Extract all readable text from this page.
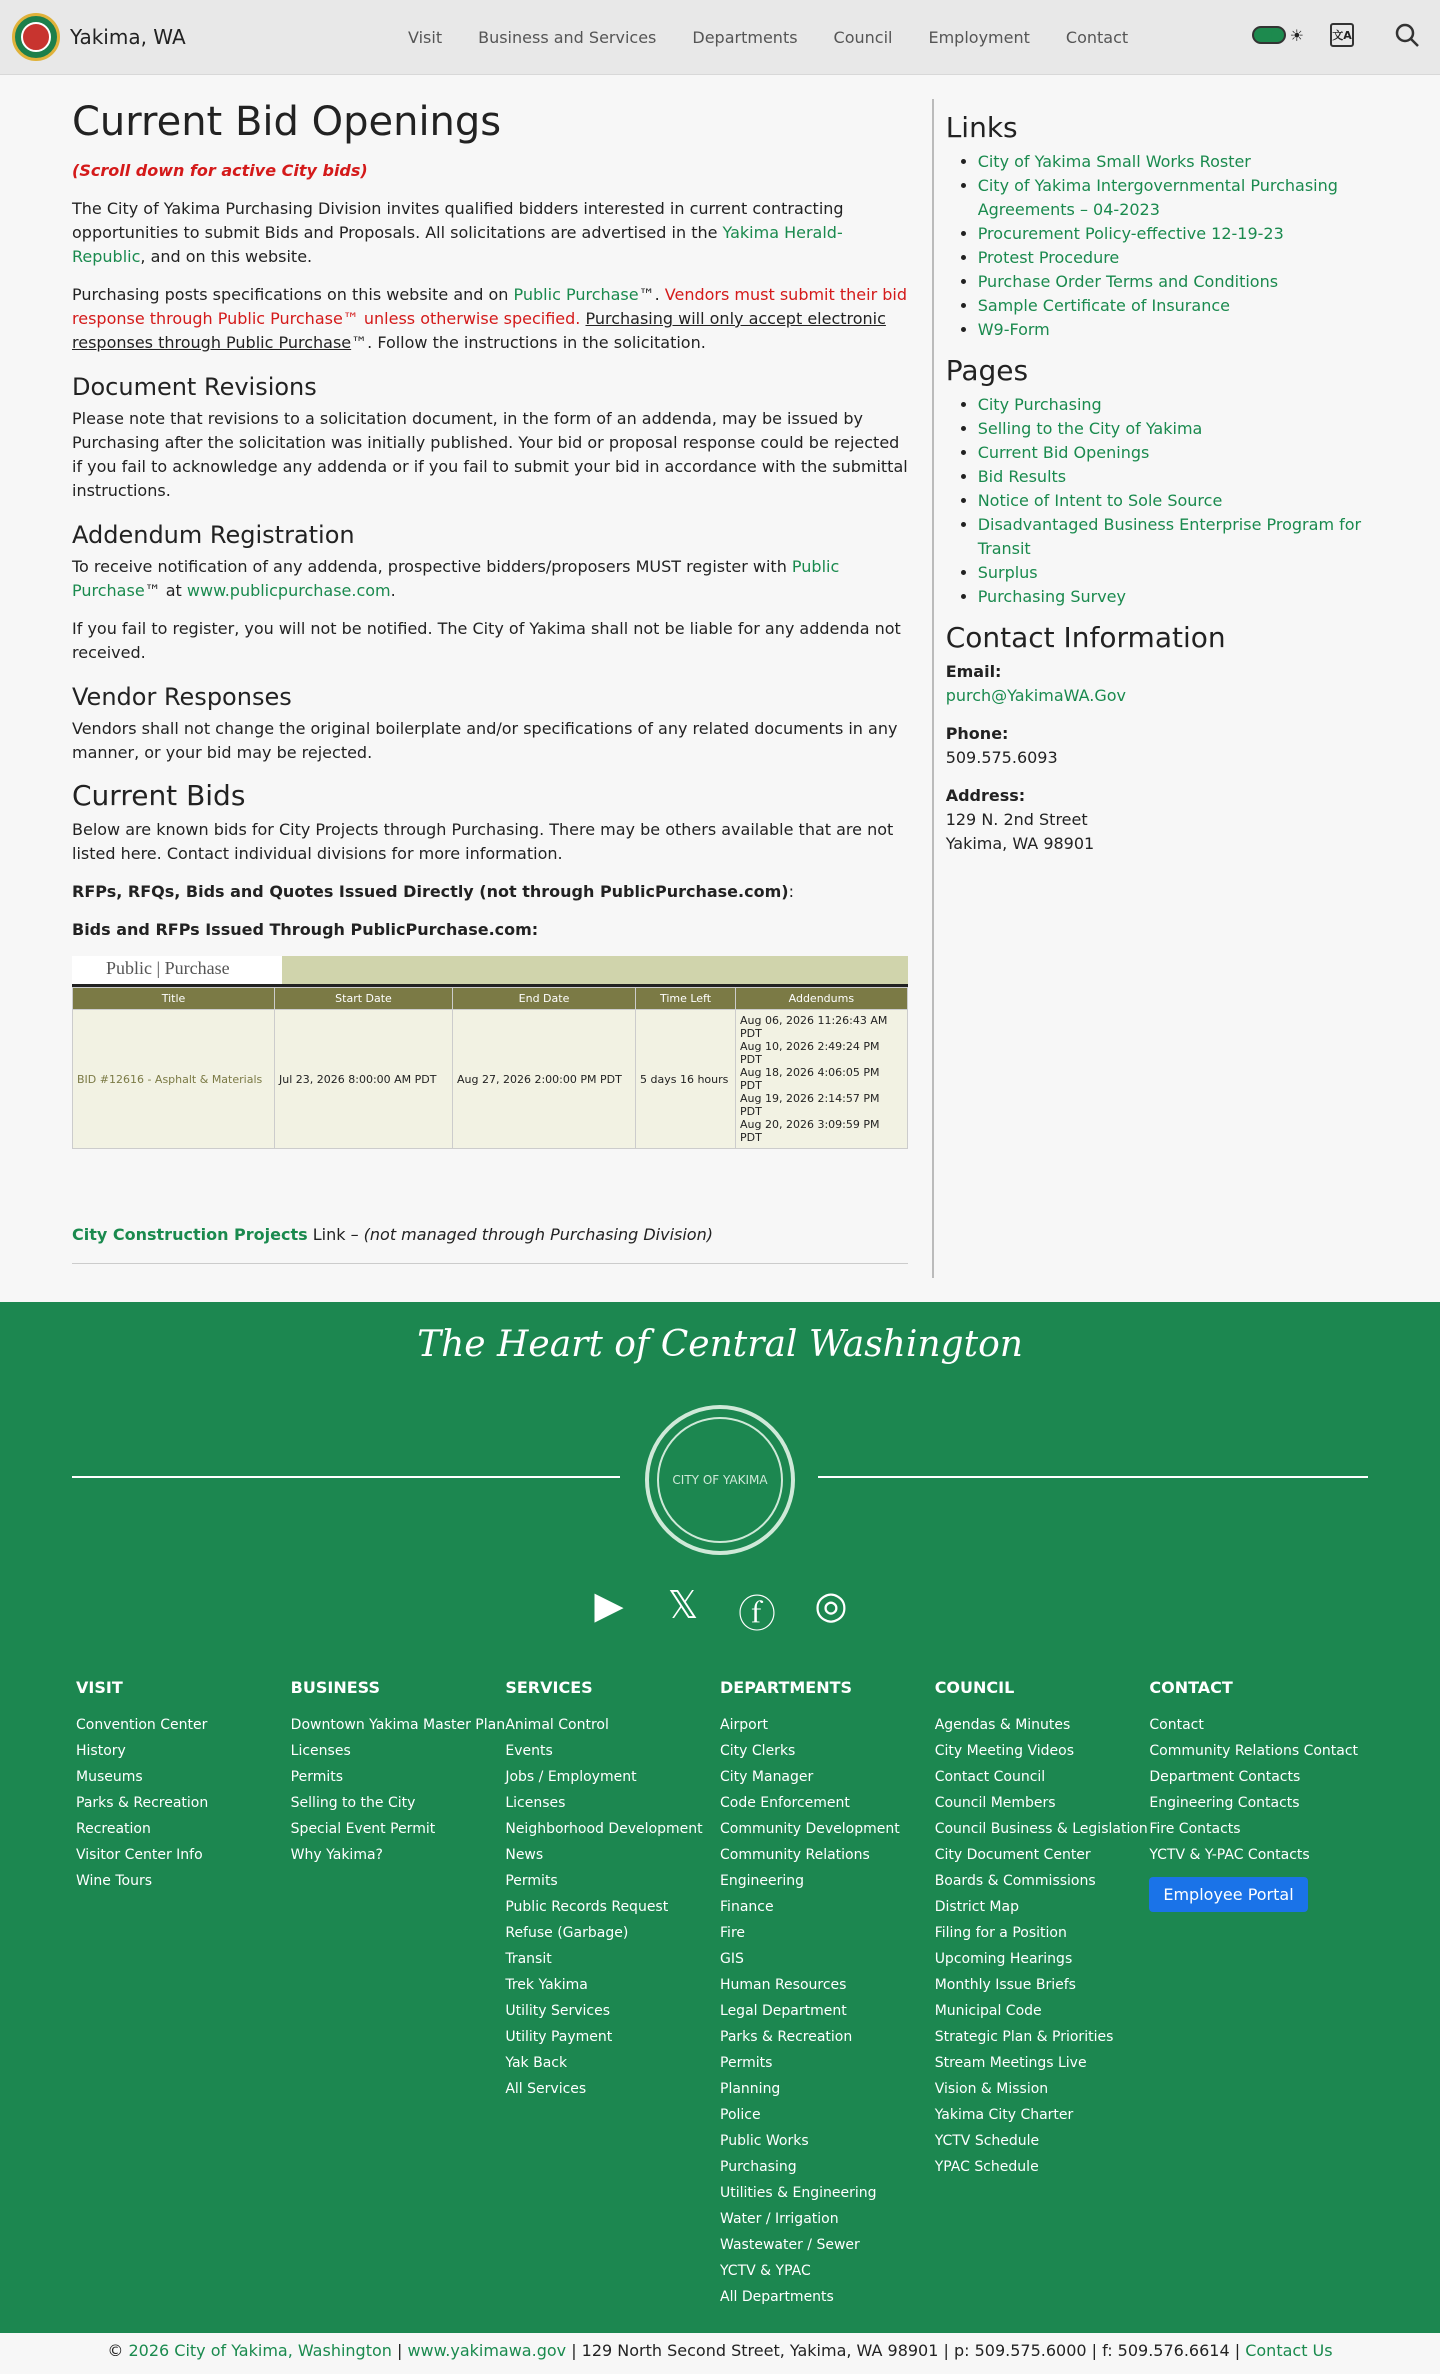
Yakima, WA	Visit Business and Services Departments Council Employment Contact	☀	文A
Current Bid Openings

(Scroll down for active City bids)

The City of Yakima Purchasing Division invites qualified bidders interested in current contracting opportunities to submit Bids and Proposals. All solicitations are advertised in the Yakima Herald-Republic, and on this website.

Purchasing posts specifications on this website and on Public Purchase™. Vendors must submit their bid response through Public Purchase™ unless otherwise specified. Purchasing will only accept electronic responses through Public Purchase™. Follow the instructions in the solicitation.

Document Revisions

Please note that revisions to a solicitation document, in the form of an addenda, may be issued by Purchasing after the solicitation was initially published. Your bid or proposal response could be rejected if you fail to acknowledge any addenda or if you fail to submit your bid in accordance with the submittal instructions.

Addendum Registration

To receive notification of any addenda, prospective bidders/proposers MUST register with Public Purchase™ at www.publicpurchase.com.

If you fail to register, you will not be notified. The City of Yakima shall not be liable for any addenda not received.

Vendor Responses

Vendors shall not change the original boilerplate and/or specifications of any related documents in any manner, or your bid may be rejected.

Current Bids

Below are known bids for City Projects through Purchasing. There may be others available that are not listed here. Contact individual divisions for more information.

RFPs, RFQs, Bids and Quotes Issued Directly (not through PublicPurchase.com):

Bids and RFPs Issued Through PublicPurchase.com:

Public | Purchase
Title	Start Date	End Date	Time Left	Addendums
BID #12616 - Asphalt & Materials	Jul 23, 2026 8:00:00 AM PDT	Aug 27, 2026 2:00:00 PM PDT	5 days 16 hours	Aug 06, 2026 11:26:43 AM PDT
Aug 10, 2026 2:49:24 PM PDT
Aug 18, 2026 4:06:05 PM PDT
Aug 19, 2026 2:14:57 PM PDT
Aug 20, 2026 3:09:59 PM PDT

City Construction Projects Link – (not managed through Purchasing Division)

Links
• City of Yakima Small Works Roster
• City of Yakima Intergovernmental Purchasing Agreements – 04-2023
• Procurement Policy-effective 12-19-23
• Protest Procedure
• Purchase Order Terms and Conditions
• Sample Certificate of Insurance
• W9-Form
Pages
• City Purchasing
• Selling to the City of Yakima
• Current Bid Openings
• Bid Results
• Notice of Intent to Sole Source
• Disadvantaged Business Enterprise Program for Transit
• Surplus
• Purchasing Survey
Contact Information

Email:
purch@YakimaWA.Gov

Phone:
509.575.6093

Address:
129 N. 2nd Street
Yakima, WA 98901

The Heart of Central Washington
CITY OF YAKIMA
▶ 𝕏 ⓕ ◎
VISIT
Convention Center
History
Museums
Parks & Recreation
Recreation
Visitor Center Info
Wine Tours
BUSINESS
Downtown Yakima Master Plan
Licenses
Permits
Selling to the City
Special Event Permit
Why Yakima?
SERVICES
Animal Control
Events
Jobs / Employment
Licenses
Neighborhood Development
News
Permits
Public Records Request
Refuse (Garbage)
Transit
Trek Yakima
Utility Services
Utility Payment
Yak Back
All Services
DEPARTMENTS
Airport
City Clerks
City Manager
Code Enforcement
Community Development
Community Relations
Engineering
Finance
Fire
GIS
Human Resources
Legal Department
Parks & Recreation
Permits
Planning
Police
Public Works
Purchasing
Utilities & Engineering
Water / Irrigation
Wastewater / Sewer
YCTV & YPAC
All Departments
COUNCIL
Agendas & Minutes
City Meeting Videos
Contact Council
Council Members
Council Business & Legislation
City Document Center
Boards & Commissions
District Map
Filing for a Position
Upcoming Hearings
Monthly Issue Briefs
Municipal Code
Strategic Plan & Priorities
Stream Meetings Live
Vision & Mission
Yakima City Charter
YCTV Schedule
YPAC Schedule
CONTACT
Contact
Community Relations Contact
Department Contacts
Engineering Contacts
Fire Contacts
YCTV & Y-PAC Contacts
Employee Portal
© 2026 City of Yakima, Washington | www.yakimawa.gov | 129 North Second Street, Yakima, WA 98901 | p: 509.575.6000 | f: 509.576.6614 | Contact Us
